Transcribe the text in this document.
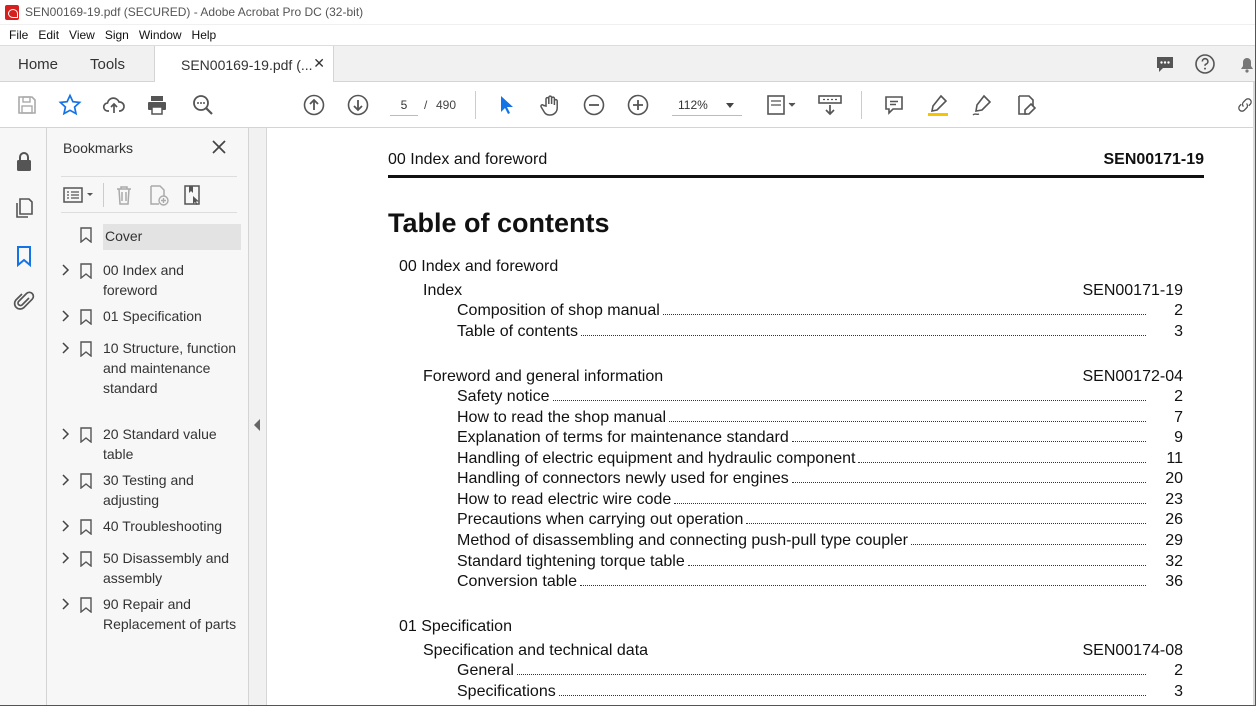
SEN00169-19.pdf (SECURED) - Adobe Acrobat Pro DC (32-bit)
File Edit View Sign Window Help
Home Tools	SEN00169-19.pdf (... ✕
5
/ 490	112%
Bookmarks
Cover
00 Index and foreword
01 Specification
10 Structure, function and maintenance standard
20 Standard value table
30 Testing and adjusting
40 Troubleshooting
50 Disassembly and assembly
90 Repair and Replacement of parts
00 Index and foreword	SEN00171-19
Table of contents
00 Index and foreword
Index	SEN00171-19
Composition of shop manual	2
Table of contents	3
Foreword and general information	SEN00172-04
Safety notice	2
How to read the shop manual	7
Explanation of terms for maintenance standard	9
Handling of electric equipment and hydraulic component	11
Handling of connectors newly used for engines	20
How to read electric wire code	23
Precautions when carrying out operation	26
Method of disassembling and connecting push-pull type coupler	29
Standard tightening torque table	32
Conversion table	36
01 Specification
Specification and technical data	SEN00174-08
General	2
Specifications	3
